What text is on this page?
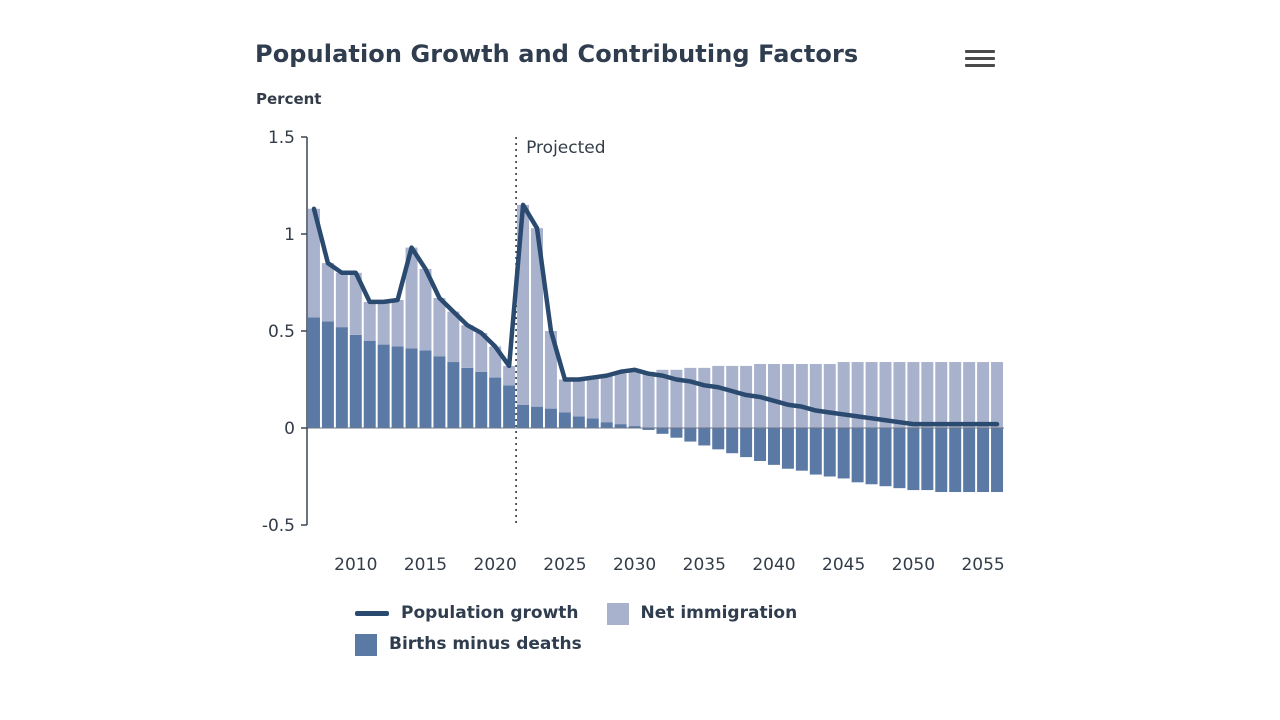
Population Growth and Contributing Factors
Percent
1.5
1
0.5
0
-0.5
2010 2015 2020 2025 2030 2035 2040 2045 2050 2055
Projected
Population growth	Net immigration
Births minus deaths
